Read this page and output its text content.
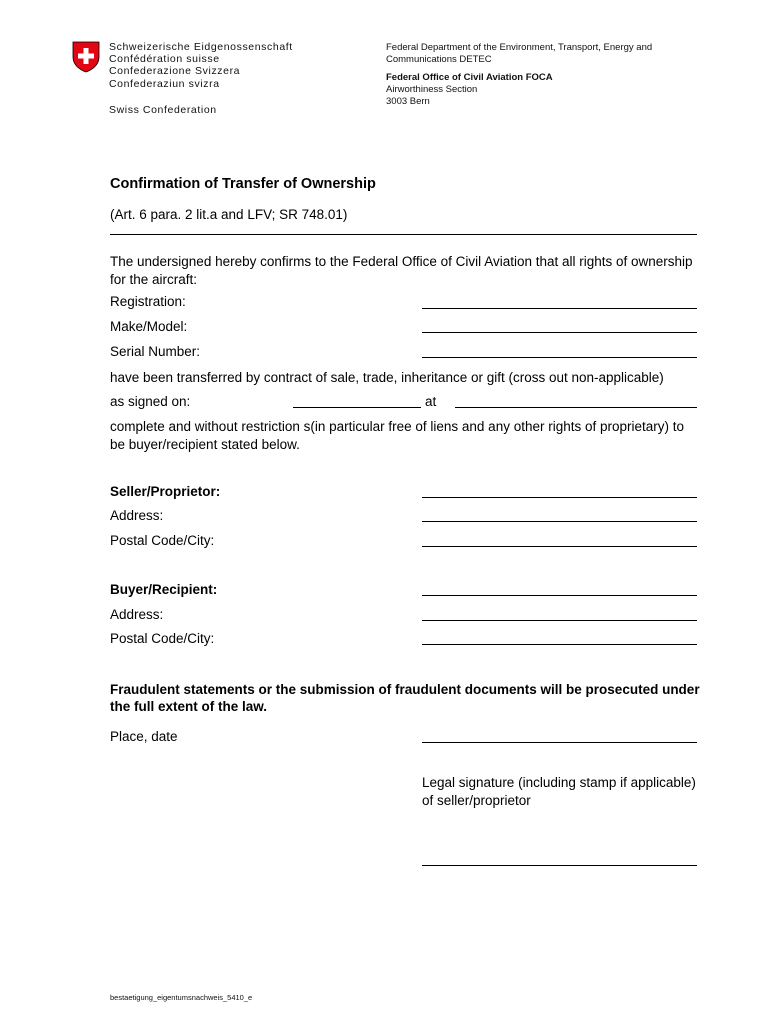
Schweizerische Eidgenossenschaft
Confédération suisse
Confederazione Svizzera
Confederaziun svizra
Swiss Confederation
Federal Department of the Environment, Transport, Energy and
Communications DETEC
Federal Office of Civil Aviation FOCA
Airworthiness Section
3003 Bern
Confirmation of Transfer of Ownership
(Art. 6 para. 2 lit.a and LFV; SR 748.01)
The undersigned hereby confirms to the Federal Office of Civil Aviation that all rights of ownership for the aircraft:
Registration:
Make/Model:
Serial Number:
have been transferred by contract of sale, trade, inheritance or gift (cross out non-applicable)
as signed on:	at
complete and without restriction s(in particular free of liens and any other rights of proprietary) to be buyer/recipient stated below.
Seller/Proprietor:
Address:
Postal Code/City:
Buyer/Recipient:
Address:
Postal Code/City:
Fraudulent statements or the submission of fraudulent documents will be prosecuted under the full extent of the law.
Place, date
Legal signature (including stamp if applicable) of seller/proprietor
bestaetigung_eigentumsnachweis_5410_e
